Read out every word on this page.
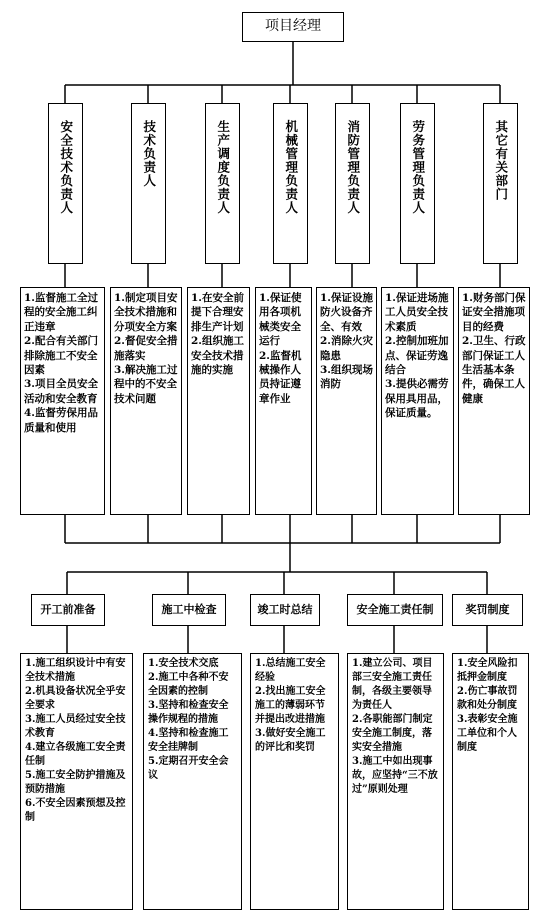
项目经理
安全技术负责人	技术负责人	生产调度负责人	机械管理负责人	消防管理负责人	劳务管理负责人	其它有关部门

1.监督施工全过程的安全施工纠正违章

2.配合有关部门排除施工不安全因素

3.项目全员安全活动和安全教育

4.监督劳保用品质量和使用

1.制定项目安全技术措施和分项安全方案

2.督促安全措施落实

3.解决施工过程中的不安全技术问题

1.在安全前提下合理安排生产计划

2.组织施工安全技术措施的实施

1.保证使用各项机械类安全运行

2.监督机械操作人员持证遵章作业

1.保证设施防火设备齐全、有效

2.消除火灾隐患

3.组织现场消防

1.保证进场施工人员安全技术素质

2.控制加班加点、保证劳逸结合

3.提供必需劳保用具用品，保证质量。

1.财务部门保证安全措施项目的经费

2.卫生、行政部门保证工人生活基本条件，确保工人健康

开工前准备	施工中检查	竣工时总结	安全施工责任制	奖罚制度

1.施工组织设计中有安全技术措施

2.机具设备状况全乎安全要求

3.施工人员经过安全技术教育

4.建立各级施工安全责任制

5.施工安全防护措施及预防措施

6.不安全因素预想及控制

1.安全技术交底

2.施工中各种不安全因素的控制

3.坚持和检查安全操作规程的措施

4.坚持和检查施工安全挂牌制

5.定期召开安全会议

1.总结施工安全经验

2.找出施工安全施工的薄弱环节并提出改进措施

3.做好安全施工的评比和奖罚

1.建立公司、项目部三安全施工责任制，各级主要领导为责任人

2.各职能部门制定安全施工制度，落实安全措施

3.施工中如出现事故，应坚持“三不放过”原则处理

1.安全风险扣抵押金制度

2.伤亡事故罚款和处分制度

3.表彰安全施工单位和个人制度
